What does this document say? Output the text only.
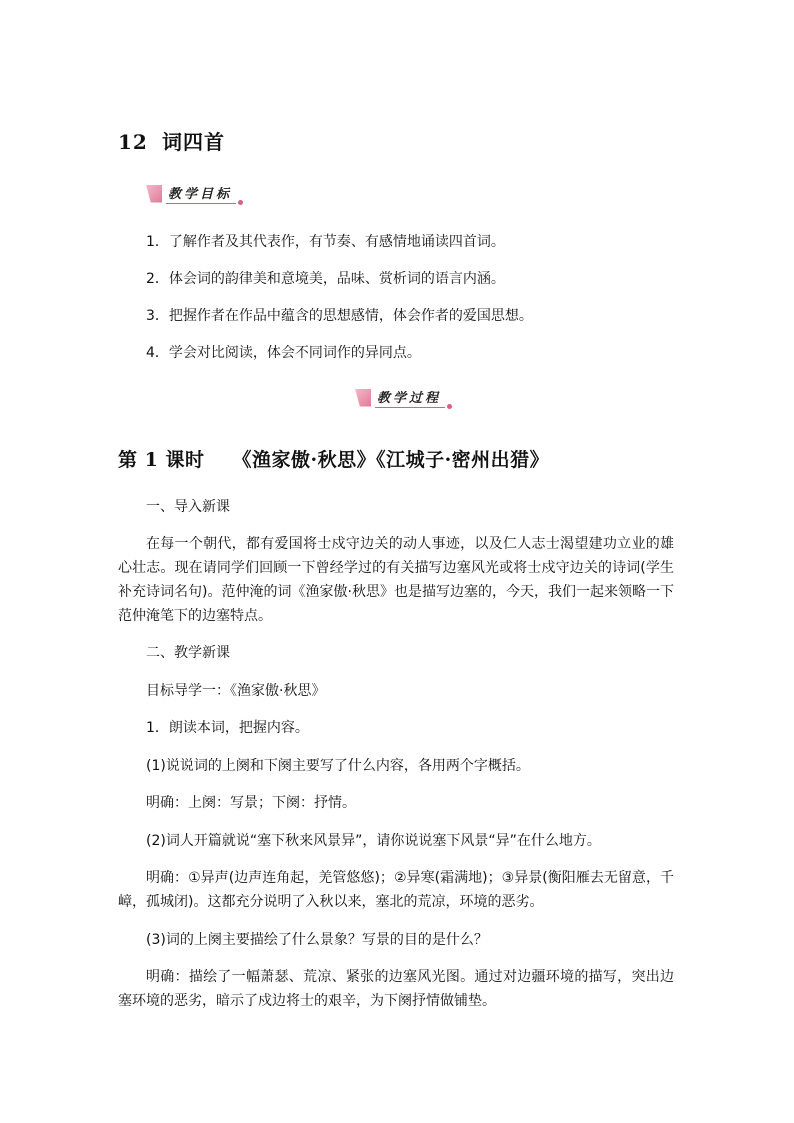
12 词四首
教学目标

1．了解作者及其代表作，有节奏、有感情地诵读四首词。

2．体会词的韵律美和意境美，品味、赏析词的语言内涵。

3．把握作者在作品中蕴含的思想感情，体会作者的爱国思想。

4．学会对比阅读，体会不同词作的异同点。

教学过程
第 1 课时 《渔家傲·秋思》《江城子·密州出猎》

一、导入新课

在每一个朝代，都有爱国将士戍守边关的动人事迹，以及仁人志士渴望建功立业的雄心壮志。现在请同学们回顾一下曾经学过的有关描写边塞风光或将士戍守边关的诗词(学生补充诗词名句)。范仲淹的词《渔家傲·秋思》也是描写边塞的，今天，我们一起来领略一下范仲淹笔下的边塞特点。

二、教学新课

目标导学一：《渔家傲·秋思》

1．朗读本词，把握内容。

(1)说说词的上阕和下阕主要写了什么内容，各用两个字概括。

明确：上阕：写景；下阕：抒情。

(2)词人开篇就说“塞下秋来风景异”，请你说说塞下风景“异”在什么地方。

明确：①异声(边声连角起，羌管悠悠)；②异寒(霜满地)；③异景(衡阳雁去无留意，千嶂，孤城闭)。这都充分说明了入秋以来，塞北的荒凉，环境的恶劣。

(3)词的上阕主要描绘了什么景象？写景的目的是什么？

明确：描绘了一幅萧瑟、荒凉、紧张的边塞风光图。通过对边疆环境的描写，突出边塞环境的恶劣，暗示了戍边将士的艰辛，为下阕抒情做铺垫。
